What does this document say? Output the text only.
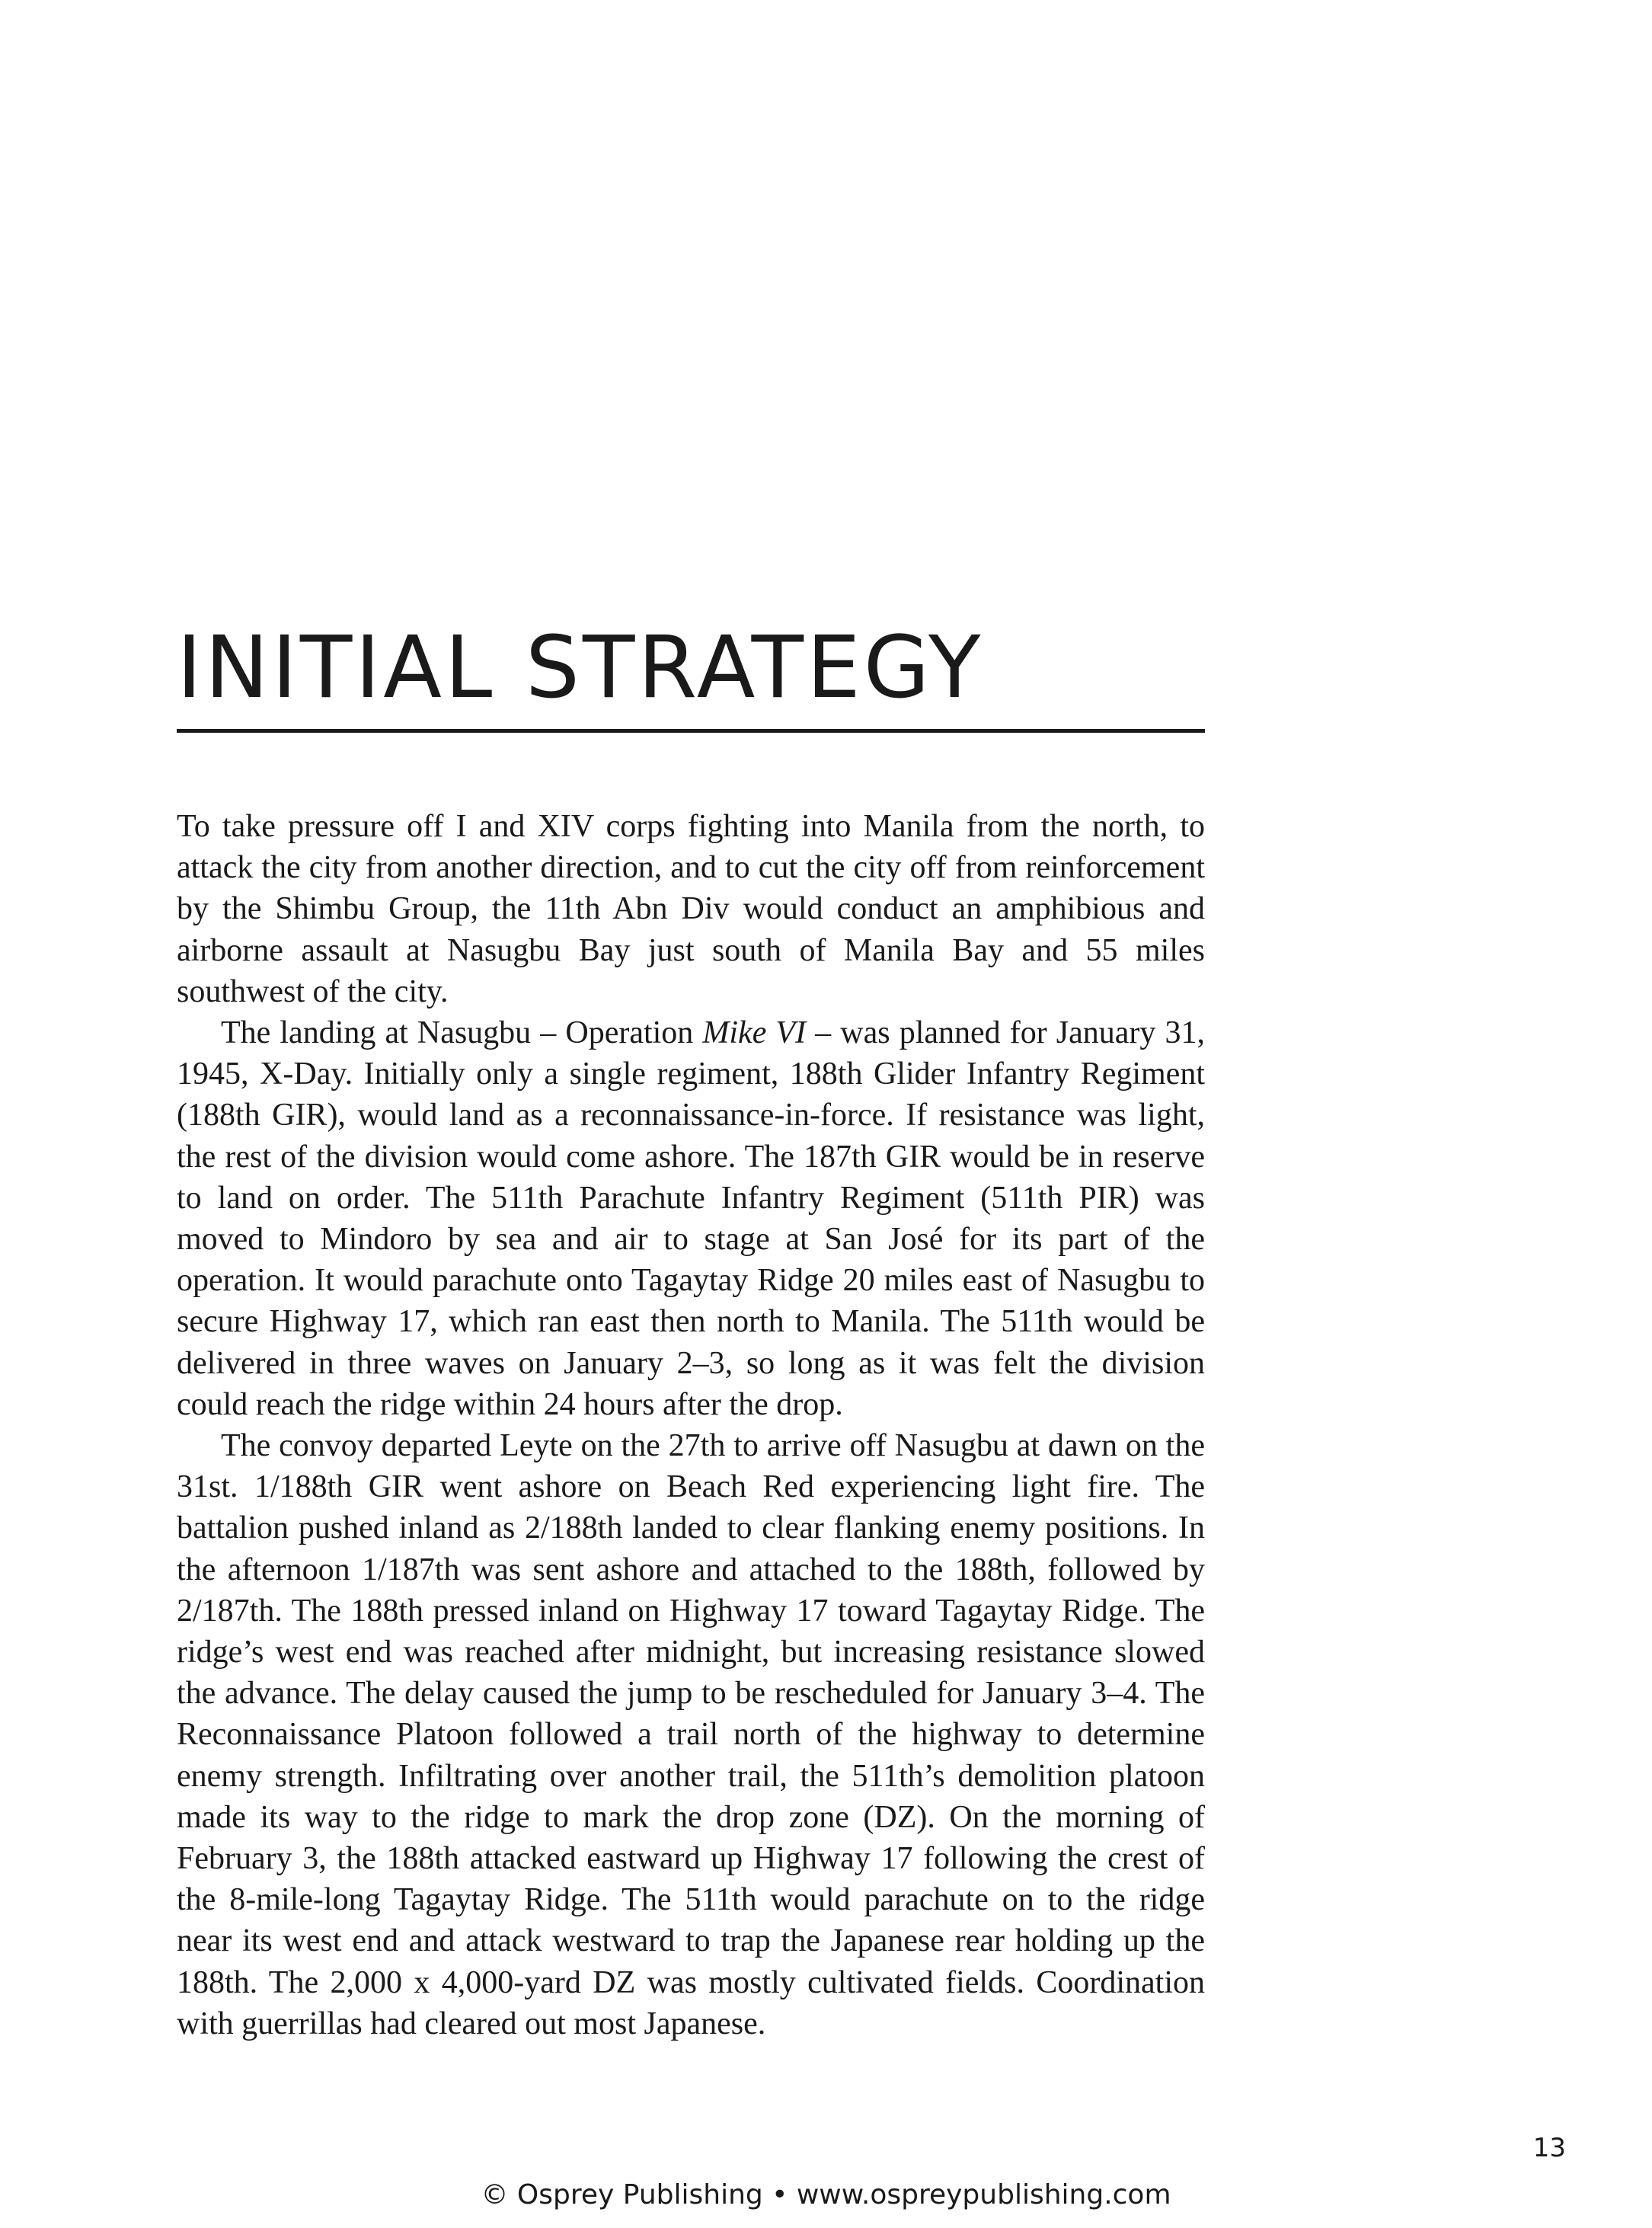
INITIAL STRATEGY

To take pressure off I and XIV corps fighting into Manila from the north, to attack the city from another direction, and to cut the city off from reinforcement by the Shimbu Group, the 11th Abn Div would conduct an amphibious and airborne assault at Nasugbu Bay just south of Manila Bay and 55 miles southwest of the city.

The landing at Nasugbu – Operation Mike VI – was planned for January 31, 1945, X-Day. Initially only a single regiment, 188th Glider Infantry Regiment (188th GIR), would land as a reconnaissance-in-force. If resistance was light, the rest of the division would come ashore. The 187th GIR would be in reserve to land on order. The 511th Parachute Infantry Regiment (511th PIR) was moved to Mindoro by sea and air to stage at San José for its part of the operation. It would parachute onto Tagaytay Ridge 20 miles east of Nasugbu to secure Highway 17, which ran east then north to Manila. The 511th would be delivered in three waves on January 2–3, so long as it was felt the division could reach the ridge within 24 hours after the drop.

The convoy departed Leyte on the 27th to arrive off Nasugbu at dawn on the 31st. 1/188th GIR went ashore on Beach Red experiencing light fire. The battalion pushed inland as 2/188th landed to clear flanking enemy positions. In the afternoon 1/187th was sent ashore and attached to the 188th, followed by 2/187th. The 188th pressed inland on Highway 17 toward Tagaytay Ridge. The ridge’s west end was reached after midnight, but increasing resistance slowed the advance. The delay caused the jump to be rescheduled for January 3–4. The Reconnaissance Platoon followed a trail north of the highway to determine enemy strength. Infiltrating over another trail, the 511th’s demolition platoon made its way to the ridge to mark the drop zone (DZ). On the morning of February 3, the 188th attacked eastward up Highway 17 following the crest of the 8-mile-long Tagaytay Ridge. The 511th would parachute on to the ridge near its west end and attack westward to trap the Japanese rear holding up the 188th. The 2,000 x 4,000-yard DZ was mostly cultivated fields. Coordination with guerrillas had cleared out most Japanese.

13
© Osprey Publishing • www.ospreypublishing.com
